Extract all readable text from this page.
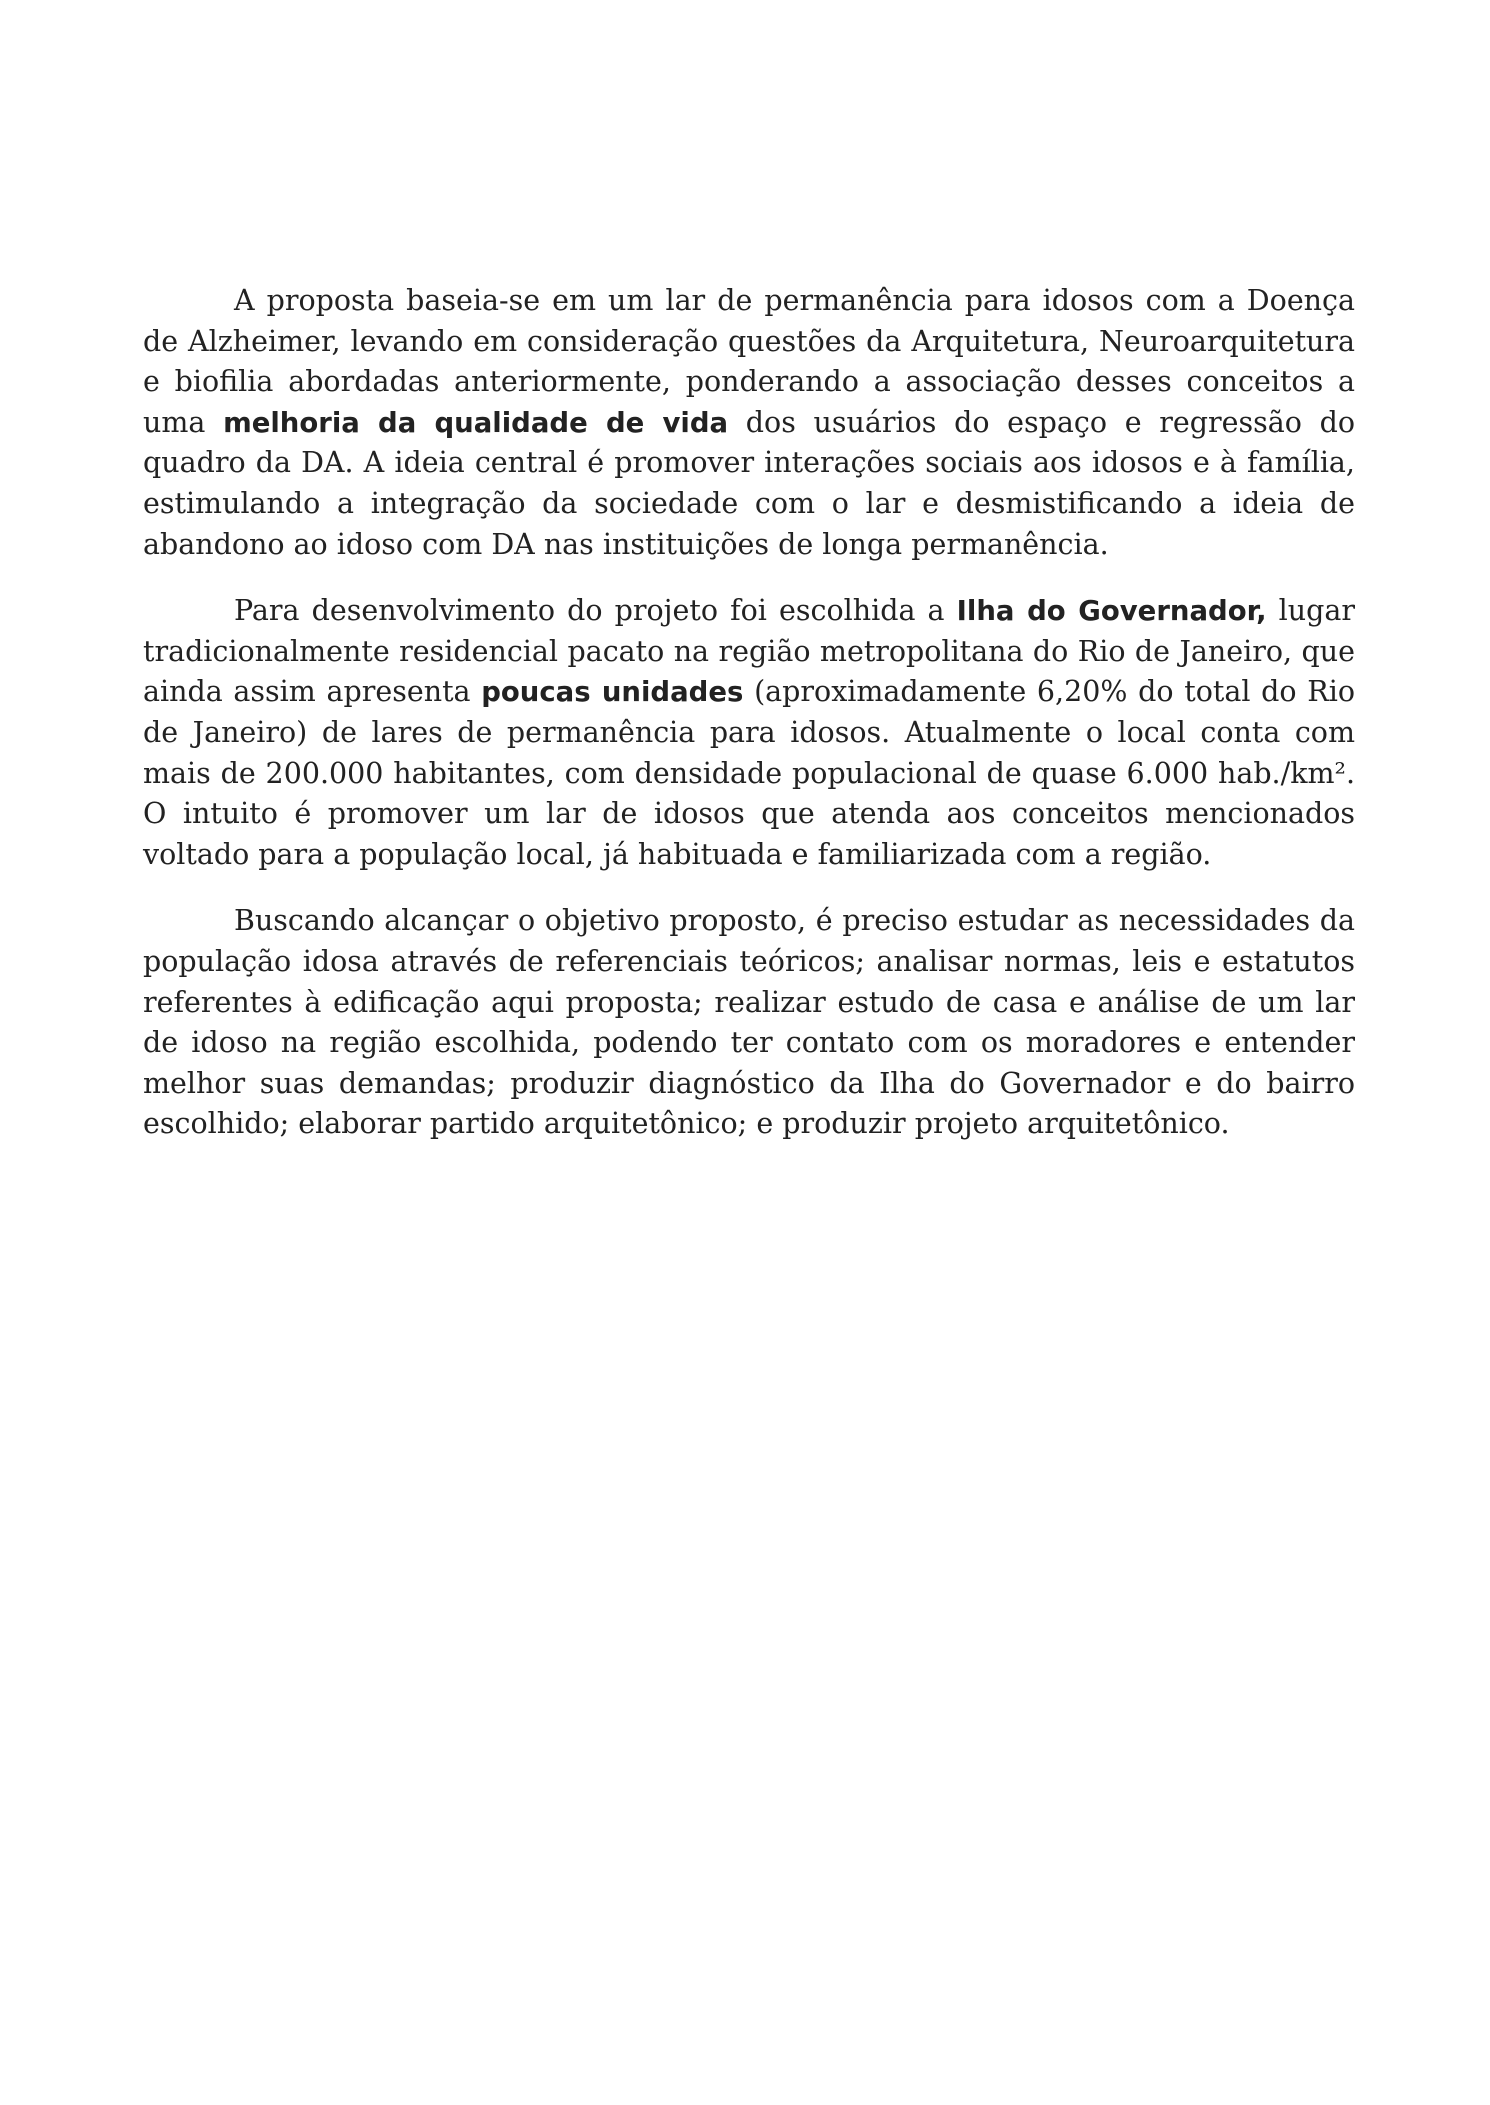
A proposta baseia-se em um lar de permanência para idosos com a Doença de Alzheimer, levando em consideração questões da Arquitetura, Neuroarquitetura e biofilia abordadas anteriormente, ponderando a associação desses conceitos a uma melhoria da qualidade de vida dos usuários do espaço e regressão do quadro da DA. A ideia central é promover interações sociais aos idosos e à família, estimulando a integração da sociedade com o lar e desmistificando a ideia de abandono ao idoso com DA nas instituições de longa permanência.

Para desenvolvimento do projeto foi escolhida a Ilha do Governador, lugar tradicionalmente residencial pacato na região metropolitana do Rio de Janeiro, que ainda assim apresenta poucas unidades (aproximadamente 6,20% do total do Rio de Janeiro) de lares de permanência para idosos. Atualmente o local conta com mais de 200.000 habitantes, com densidade populacional de quase 6.000 hab./km². O intuito é promover um lar de idosos que atenda aos conceitos mencionados voltado para a população local, já habituada e familiarizada com a região.

Buscando alcançar o objetivo proposto, é preciso estudar as necessidades da população idosa através de referenciais teóricos; analisar normas, leis e estatutos referentes à edificação aqui proposta; realizar estudo de casa e análise de um lar de idoso na região escolhida, podendo ter contato com os moradores e entender melhor suas demandas; produzir diagnóstico da Ilha do Governador e do bairro escolhido; elaborar partido arquitetônico; e produzir projeto arquitetônico.
